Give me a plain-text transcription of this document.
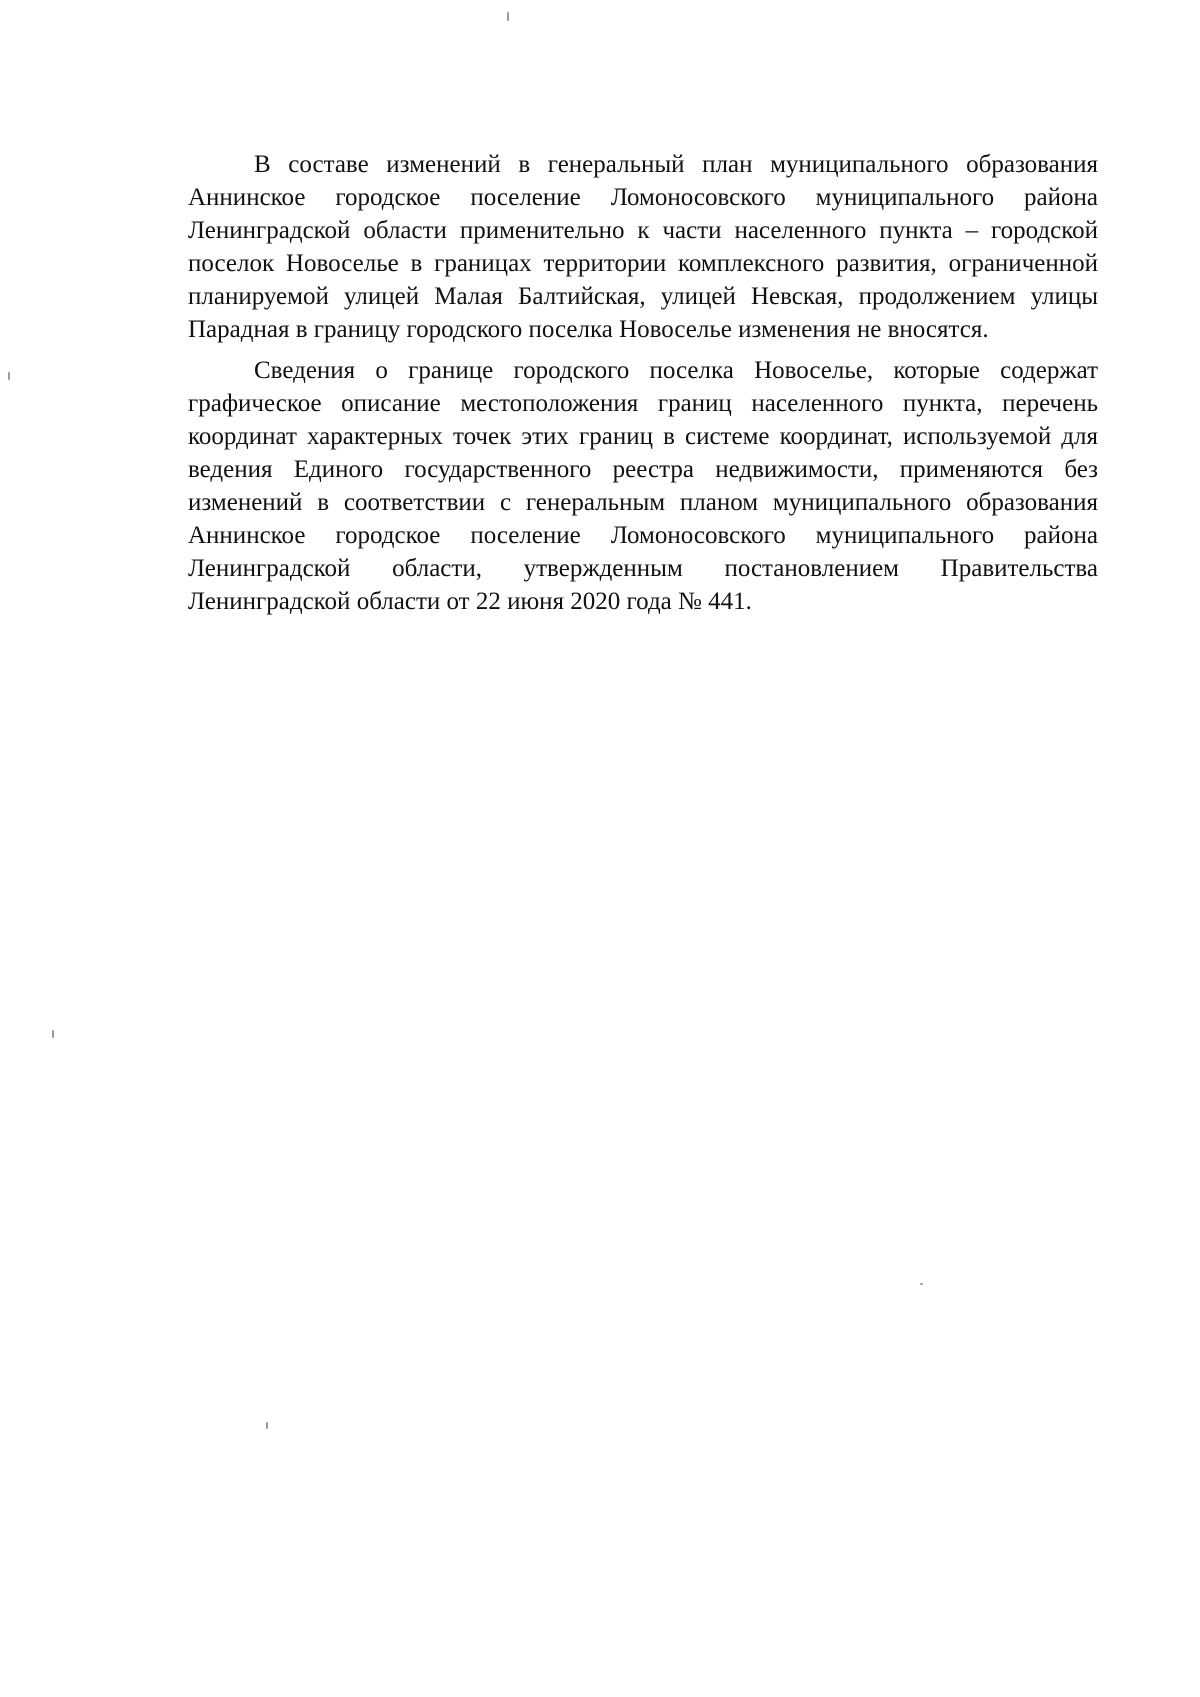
В составе изменений в генеральный план муниципального образования Аннинское городское поселение Ломоносовского муниципального района Ленинградской области применительно к части населенного пункта – городской поселок Новоселье в границах территории комплексного развития, ограниченной планируемой улицей Малая Балтийская, улицей Невская, продолжением улицы Парадная в границу городского поселка Новоселье изменения не вносятся.

Сведения о границе городского поселка Новоселье, которые содержат графическое описание местоположения границ населенного пункта, перечень координат характерных точек этих границ в системе координат, используемой для ведения Единого государственного реестра недвижимости, применяются без изменений в соответствии с генеральным планом муниципального образования Аннинское городское поселение Ломоносовского муниципального района Ленинградской области, утвержденным постановлением Правительства Ленинградской области от 22 июня 2020 года № 441.
